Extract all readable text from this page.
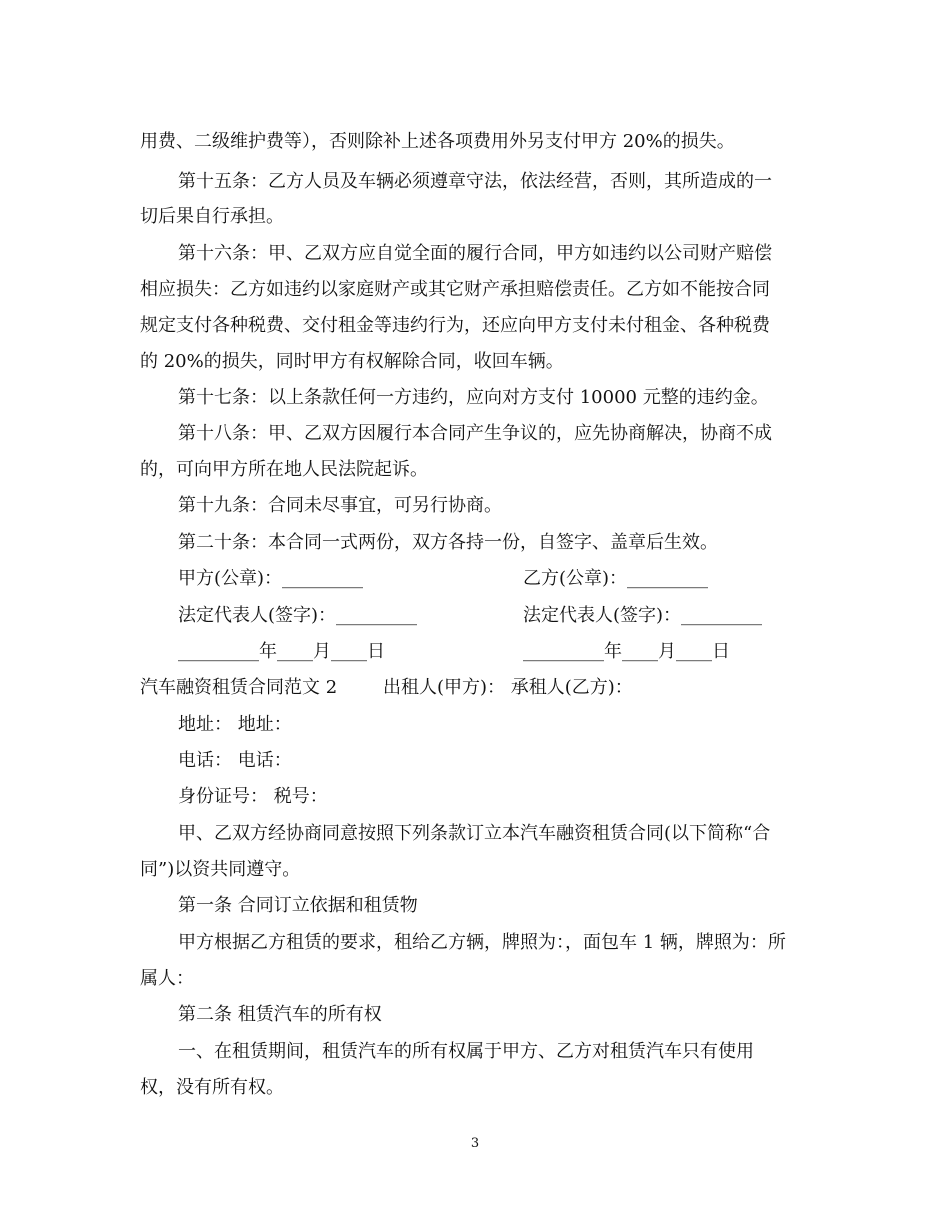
用费、二级维护费等），否则除补上述各项费用外另支付甲方 20%的损失。
第十五条：乙方人员及车辆必须遵章守法，依法经营，否则，其所造成的一
切后果自行承担。
第十六条：甲、乙双方应自觉全面的履行合同，甲方如违约以公司财产赔偿
相应损失：乙方如违约以家庭财产或其它财产承担赔偿责任。乙方如不能按合同
规定支付各种税费、交付租金等违约行为，还应向甲方支付未付租金、各种税费
的 20%的损失，同时甲方有权解除合同，收回车辆。
第十七条：以上条款任何一方违约，应向对方支付 10000 元整的违约金。
第十八条：甲、乙双方因履行本合同产生争议的，应先协商解决，协商不成
的，可向甲方所在地人民法院起诉。
第十九条：合同未尽事宜，可另行协商。
第二十条：本合同一式两份，双方各持一份，自签字、盖章后生效。
甲方(公章)：_________	乙方(公章)：_________
法定代表人(签字)：_________	法定代表人(签字)：_________
_________年____月____日	_________年____月____日
汽车融资租赁合同范文 2        出租人(甲方)： 承租人(乙方)：
地址： 地址：
电话： 电话：
身份证号： 税号：
甲、乙双方经协商同意按照下列条款订立本汽车融资租赁合同(以下简称“合
同”)以资共同遵守。
第一条 合同订立依据和租赁物
甲方根据乙方租赁的要求，租给乙方辆，牌照为：，面包车 1 辆，牌照为：所
属人：
第二条 租赁汽车的所有权
一、在租赁期间，租赁汽车的所有权属于甲方、乙方对租赁汽车只有使用
权，没有所有权。
3
